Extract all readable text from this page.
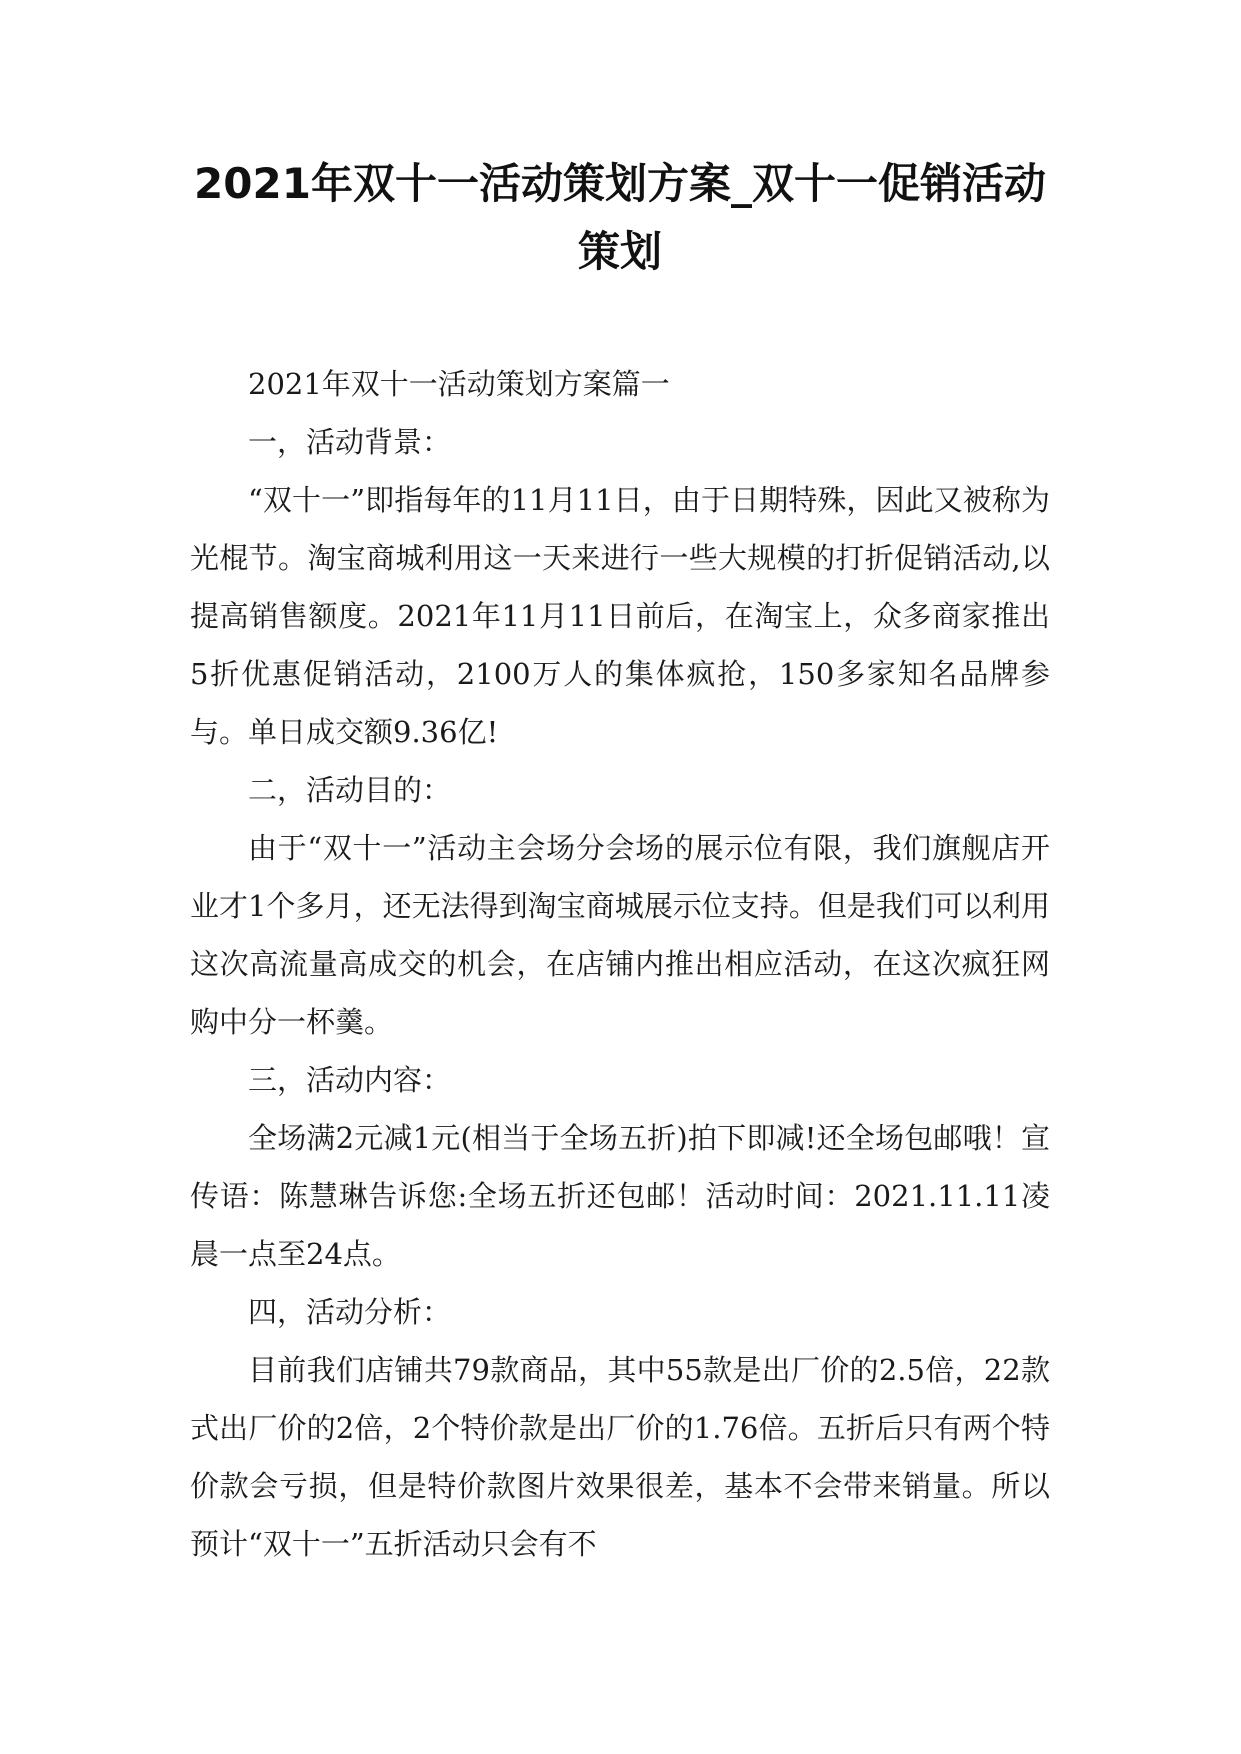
2021年双十一活动策划方案_双十一促销活动策划

2021年双十一活动策划方案篇一

一，活动背景：

“双十一”即指每年的11月11日，由于日期特殊，因此又被称为光棍节。淘宝商城利用这一天来进行一些大规模的打折促销活动,以提高销售额度。2021年11月11日前后，在淘宝上，众多商家推出5折优惠促销活动，2100万人的集体疯抢，150多家知名品牌参与。单日成交额9.36亿!

二，活动目的：

由于“双十一”活动主会场分会场的展示位有限，我们旗舰店开业才1个多月，还无法得到淘宝商城展示位支持。但是我们可以利用这次高流量高成交的机会，在店铺内推出相应活动，在这次疯狂网购中分一杯羹。

三，活动内容：

全场满2元减1元(相当于全场五折)拍下即减!还全场包邮哦！宣传语：陈慧琳告诉您:全场五折还包邮！活动时间：2021.11.11凌晨一点至24点。

四，活动分析：

目前我们店铺共79款商品，其中55款是出厂价的2.5倍，22款式出厂价的2倍，2个特价款是出厂价的1.76倍。五折后只有两个特价款会亏损，但是特价款图片效果很差，基本不会带来销量。所以预计“双十一”五折活动只会有不
